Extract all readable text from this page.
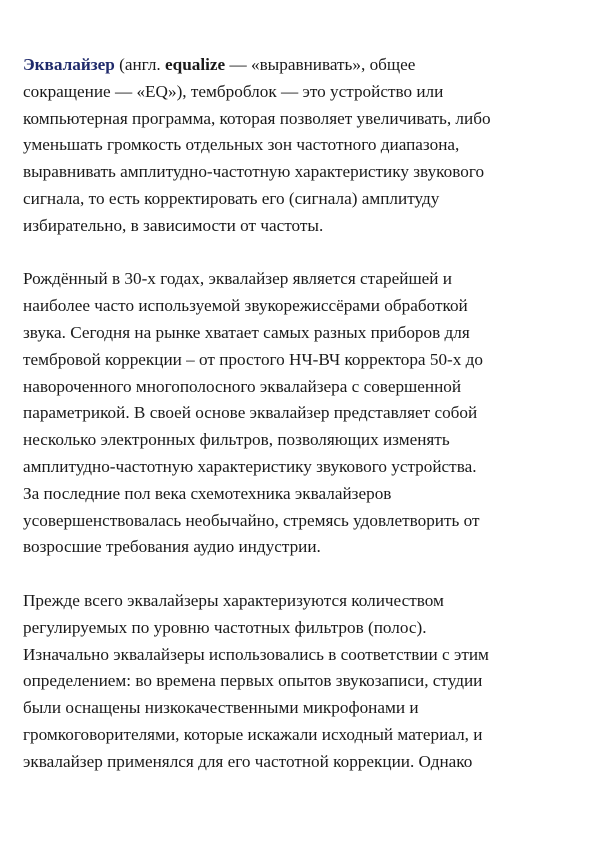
Эквалайзер (англ. equalize — «выравнивать», общее
сокращение — «EQ»), темброблок — это устройство или
компьютерная программа, которая позволяет увеличивать, либо
уменьшать громкость отдельных зон частотного диапазона,
выравнивать амплитудно-частотную характеристику звукового
сигнала, то есть корректировать его (сигнала) амплитуду
избирательно, в зависимости от частоты.
Рождённый в 30-х годах, эквалайзер является старейшей и
наиболее часто используемой звукорежиссёрами обработкой
звука. Сегодня на рынке хватает самых разных приборов для
тембровой коррекции – от простого НЧ-ВЧ корректора 50-х до
навороченного многополосного эквалайзера с совершенной
параметрикой. В своей основе эквалайзер представляет собой
несколько электронных фильтров, позволяющих изменять
амплитудно-частотную характеристику звукового устройства.
За последние пол века схемотехника эквалайзеров
усовершенствовалась необычайно, стремясь удовлетворить от
возросшие требования аудио индустрии.
Прежде всего эквалайзеры характеризуются количеством
регулируемых по уровню частотных фильтров (полос).
Изначально эквалайзеры использовались в соответствии с этим
определением: во времена первых опытов звукозаписи, студии
были оснащены низкокачественными микрофонами и
громкоговорителями, которые искажали исходный материал, и
эквалайзер применялся для его частотной коррекции. Однако
